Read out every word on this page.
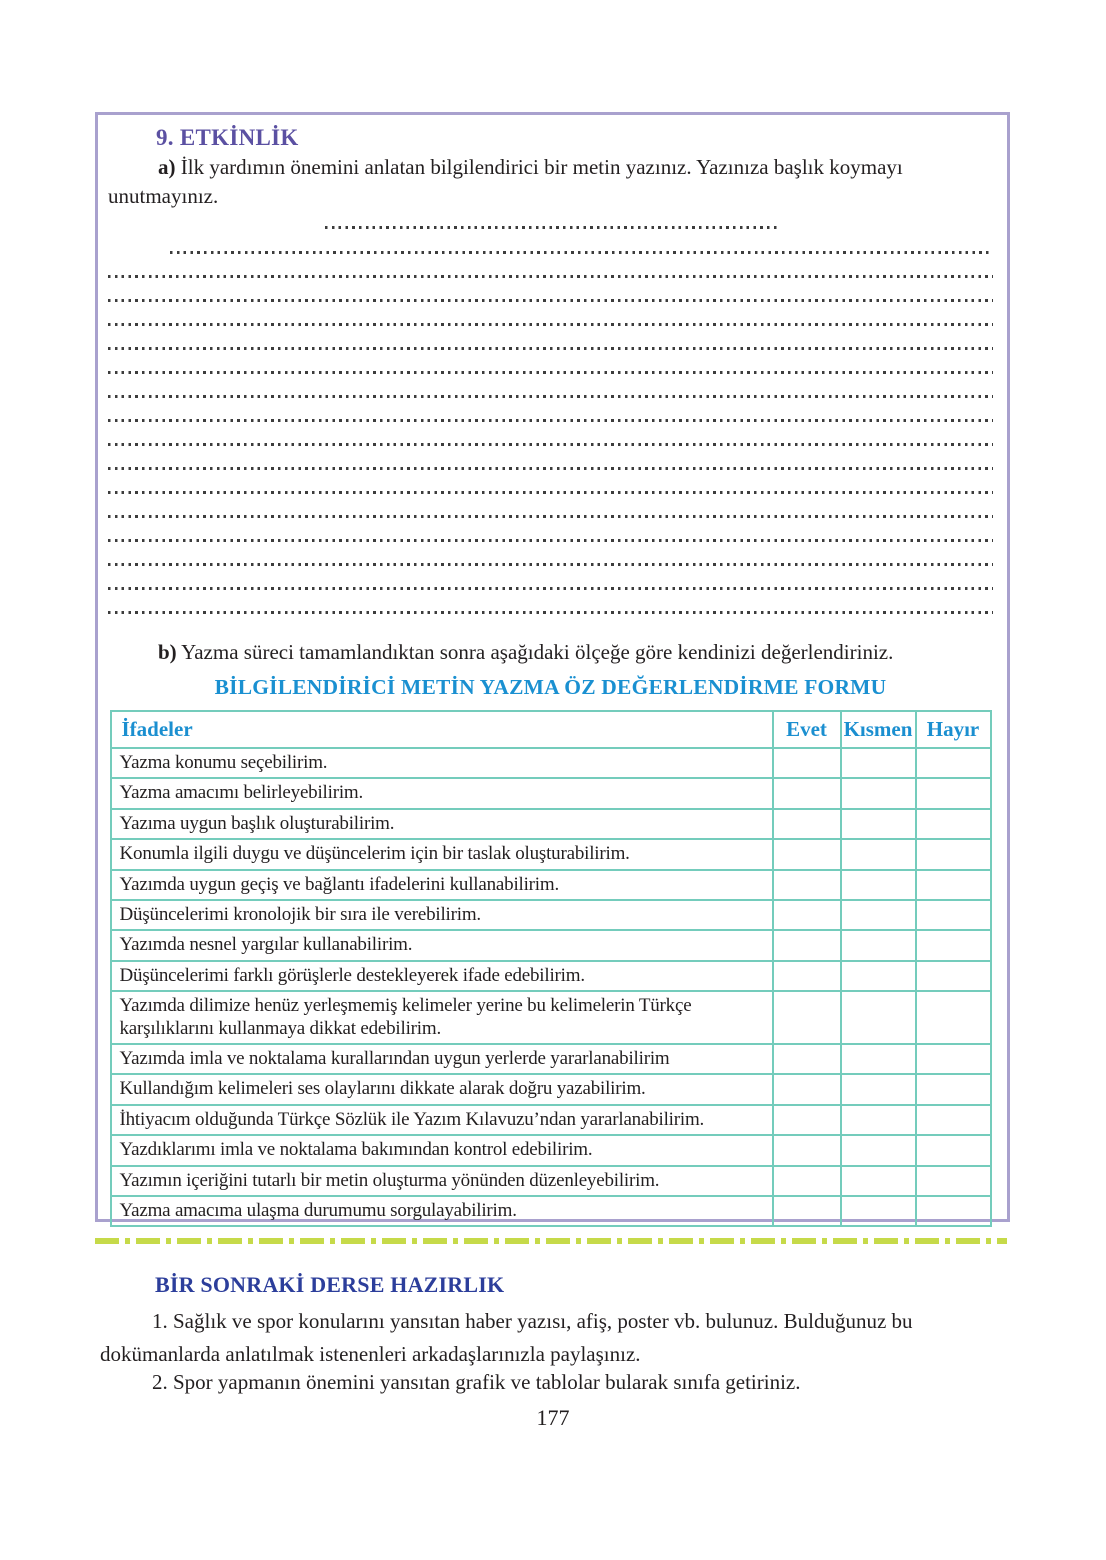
9. ETKİNLİK

a) İlk yardımın önemini anlatan bilgilendirici bir metin yazınız. Yazınıza başlık koymayı unutmayınız.

b) Yazma süreci tamamlandıktan sonra aşağıdaki ölçeğe göre kendinizi değerlendiriniz.

BİLGİLENDİRİCİ METİN YAZMA ÖZ DEĞERLENDİRME FORMU
İfadeler	Evet	Kısmen	Hayır
Yazma konumu seçebilirim.			
Yazma amacımı belirleyebilirim.			
Yazıma uygun başlık oluşturabilirim.			
Konumla ilgili duygu ve düşüncelerim için bir taslak oluşturabilirim.			
Yazımda uygun geçiş ve bağlantı ifadelerini kullanabilirim.			
Düşüncelerimi kronolojik bir sıra ile verebilirim.			
Yazımda nesnel yargılar kullanabilirim.			
Düşüncelerimi farklı görüşlerle destekleyerek ifade edebilirim.			
Yazımda dilimize henüz yerleşmemiş kelimeler yerine bu kelimelerin Türkçe karşılıklarını kullanmaya dikkat edebilirim.			
Yazımda imla ve noktalama kurallarından uygun yerlerde yararlanabilirim			
Kullandığım kelimeleri ses olaylarını dikkate alarak doğru yazabilirim.			
İhtiyacım olduğunda Türkçe Sözlük ile Yazım Kılavuzu’ndan yararlanabilirim.			
Yazdıklarımı imla ve noktalama bakımından kontrol edebilirim.			
Yazımın içeriğini tutarlı bir metin oluşturma yönünden düzenleyebilirim.			
Yazma amacıma ulaşma durumumu sorgulayabilirim.			
BİR SONRAKİ DERSE HAZIRLIK

1. Sağlık ve spor konularını yansıtan haber yazısı, afiş, poster vb. bulunuz. Bulduğunuz bu dokümanlarda anlatılmak istenenleri arkadaşlarınızla paylaşınız.

2. Spor yapmanın önemini yansıtan grafik ve tablolar bularak sınıfa getiriniz.

177
